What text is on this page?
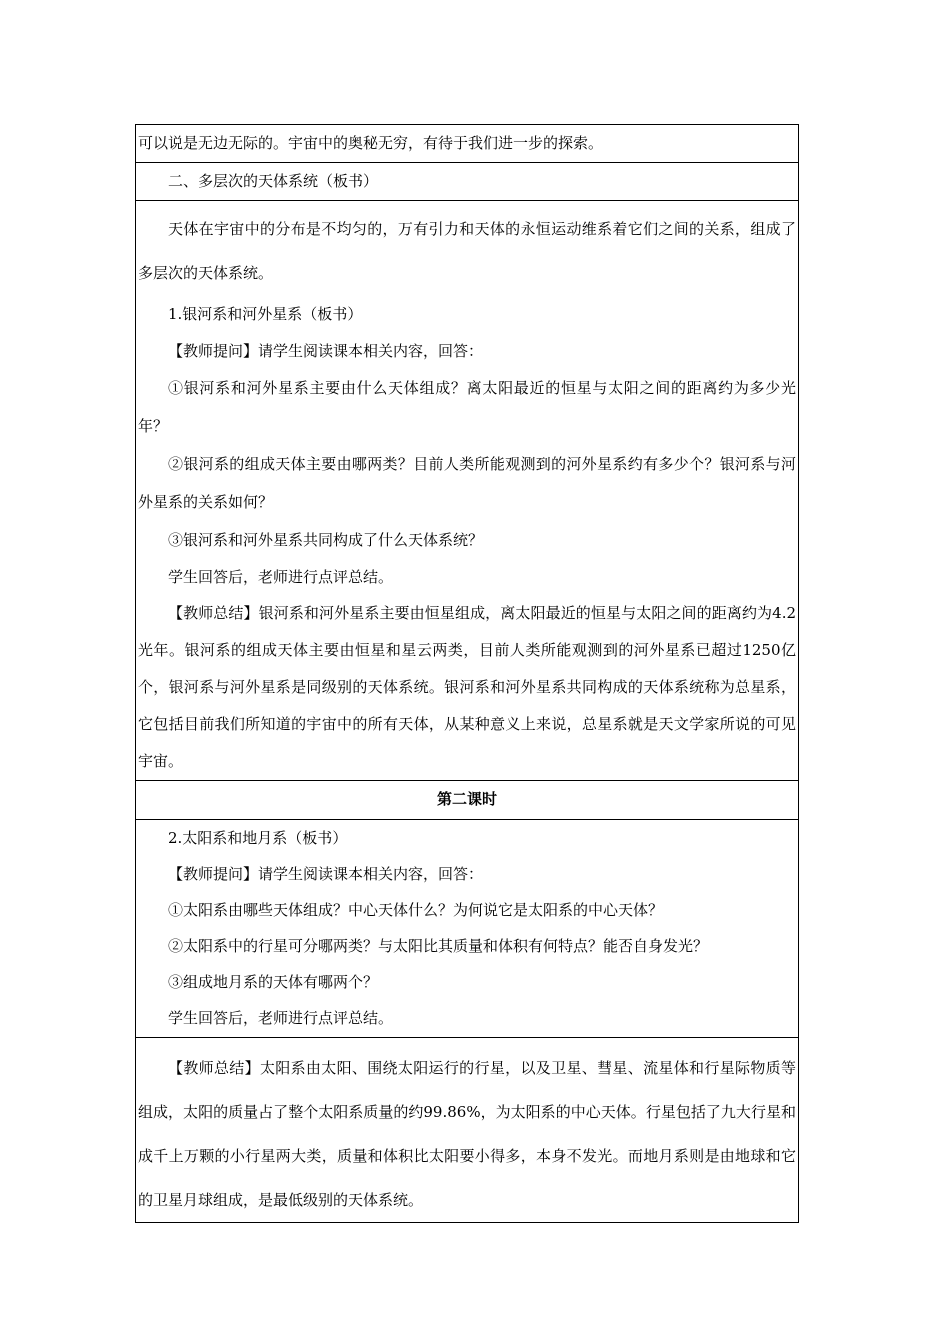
可以说是无边无际的。宇宙中的奥秘无穷，有待于我们进一步的探索。

二、多层次的天体系统（板书）

天体在宇宙中的分布是不均匀的，万有引力和天体的永恒运动维系着它们之间的关系，组成了多层次的天体系统。

1.银河系和河外星系（板书）

【教师提问】请学生阅读课本相关内容，回答：

①银河系和河外星系主要由什么天体组成？离太阳最近的恒星与太阳之间的距离约为多少光年？

②银河系的组成天体主要由哪两类？目前人类所能观测到的河外星系约有多少个？银河系与河外星系的关系如何？

③银河系和河外星系共同构成了什么天体系统？

学生回答后，老师进行点评总结。

【教师总结】银河系和河外星系主要由恒星组成，离太阳最近的恒星与太阳之间的距离约为4.2光年。银河系的组成天体主要由恒星和星云两类，目前人类所能观测到的河外星系已超过1250亿个，银河系与河外星系是同级别的天体系统。银河系和河外星系共同构成的天体系统称为总星系，它包括目前我们所知道的宇宙中的所有天体，从某种意义上来说，总星系就是天文学家所说的可见宇宙。

第二课时

2.太阳系和地月系（板书）

【教师提问】请学生阅读课本相关内容，回答：

①太阳系由哪些天体组成？中心天体什么？为何说它是太阳系的中心天体？

②太阳系中的行星可分哪两类？与太阳比其质量和体积有何特点？能否自身发光？

③组成地月系的天体有哪两个？

学生回答后，老师进行点评总结。

【教师总结】太阳系由太阳、围绕太阳运行的行星，以及卫星、彗星、流星体和行星际物质等组成，太阳的质量占了整个太阳系质量的约99.86%，为太阳系的中心天体。行星包括了九大行星和成千上万颗的小行星两大类，质量和体积比太阳要小得多，本身不发光。而地月系则是由地球和它的卫星月球组成，是最低级别的天体系统。
